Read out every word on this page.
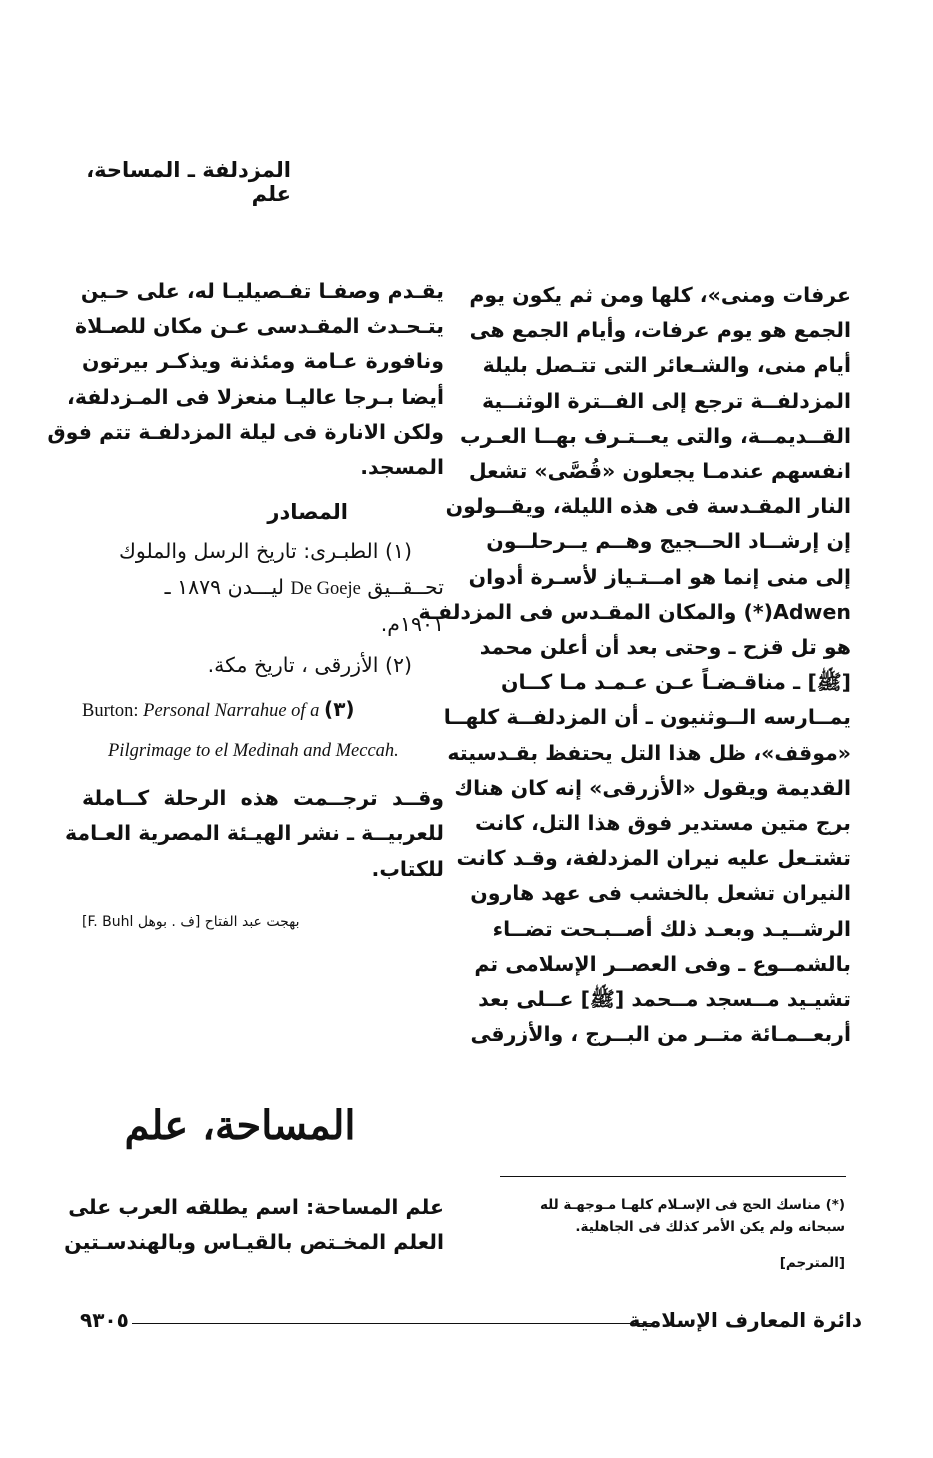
المزدلفة ـ المساحة، علم
عرفات ومنى»، كلها ومن ثم يكون يوم
الجمع هو يوم عرفات، وأيام الجمع هى
أيام منى، والشـعائر التى تتـصل بليلة
المزدلفــة ترجع إلى الفــترة الوثنــية
القــديمــة، والتى يعــتـرف بهــا العـرب
انفسهم عندمـا يجعلون «قُصَّى» تشعل
النار المقـدسة فى هذه الليلة، ويقــولون
إن إرشــاد الحــجيج وهــم يــرحلــون
إلى منى إنما هو امــتـياز لأسـرة أدوان
Adwen(*) والمكان المقـدس فى المزدلفـة
هو تل قزح ـ وحتى بعد أن أعلن محمد
[ﷺ] ـ مناقـضـاً عـن عـمـد مـا كــان
يمــارسه الــوثنيون ـ أن المزدلفــة كلهــا
«موقف»، ظل هذا التل يحتفظ بقـدسيته
القديمة ويقول «الأزرقى» إنه كان هناك
برج متين مستدير فوق هذا التل، كانت
تشتـعل عليه نيران المزدلفة، وقـد كانت
النيران تشعل بالخشب فى عهد هارون
الرشــيـد وبعـد ذلك أصــبـحت تضــاء
بالشمــوع ـ وفى العصــر الإسلامى تم
تشيـيد مــسجد مــحمد [ﷺ] عــلى بعد
أربعــمـائة متــر من البــرج ، والأزرقى
يقـدم وصفـا تفـصيليـا له، على حـين
يتـحـدث المقـدسى عـن مكان للصـلاة
ونافورة عـامة ومئذنة ويذكـر بيرتون
أيضا بـرجا عاليـا منعزلا فى المـزدلفة،
ولكن الانارة فى ليلة المزدلفـة تتم فوق
المسجد.
المصادر
(١) الطبـرى: تاريخ الرسل والملوك
تحــقــيق De Goeje ليـــدن ١٨٧٩ ـ
١٩٠١م.
(٢) الأزرقى ، تاريخ مكة.
Burton: Personal Narrahue of a (٣)
Pilgrimage to el Medinah and Meccah.
وقــد ترجــمت هذه الرحلة كــاملة
للعربيــة ـ نشر الهيـئة المصرية العـامة
للكتاب.
بهجت عبد الفتاح [ف . بوهل F. Buhl]
المساحة، علم
علم المساحة: اسم يطلقه العرب على
العلم المخـتص بالقيـاس وبالهندسـتين
(*) مناسك الحج فى الإسـلام كلهـا مـوجهـة لله
سبحانه ولم يكن الأمر كذلك فى الجاهلية.
[المترجم]
دائرة المعارف الإسلامية
٩٣٠٥
